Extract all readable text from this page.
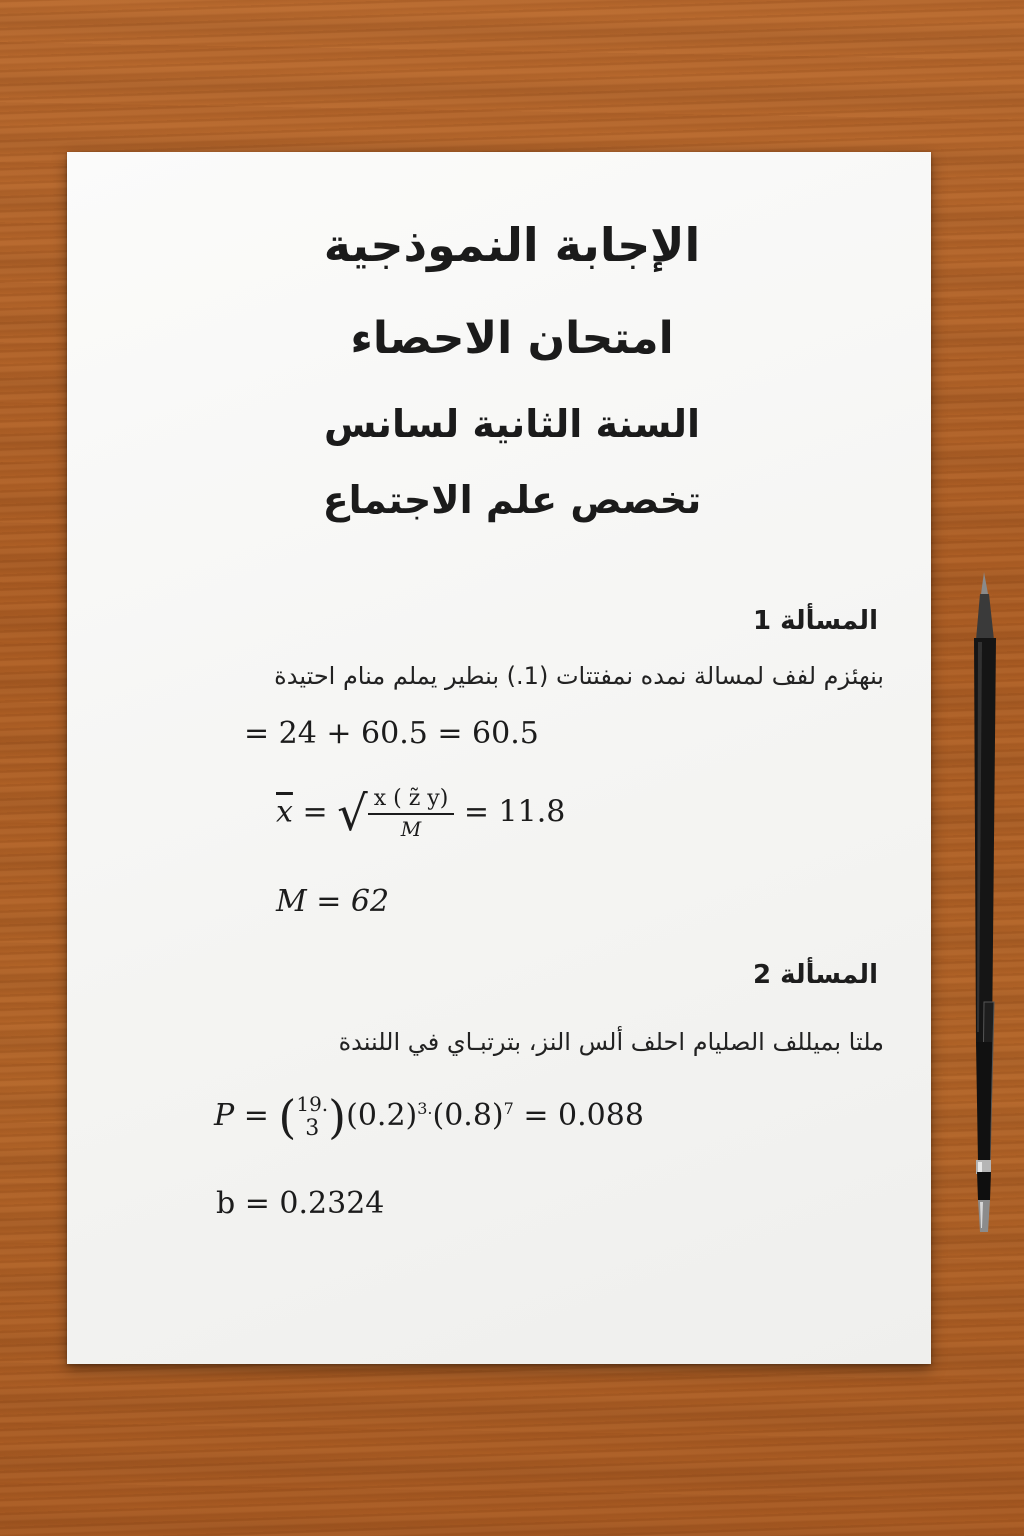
الإجابة النموذجية
امتحان الاحصاء
السنة الثانية لسانس
تخصص علم الاجتماع
المسألة 1
بنهئزم لفف لمسالة نمده نمفتتات (1.) بنطير يملم منام احتيدة
= 24 + 60.5 = 60.5
$\overline{x}$ = √ $\frac{x ( z̃ y)}{M} = 11.8$
M = 62
المسألة 2
ملتا بميللف الصليام احلف ألس النز، بترتبـاي في اللنندة
P = ( 19.
3 )$(0.2)^{3.}(0.8)^7 = 0.088$
b = 0.2324
